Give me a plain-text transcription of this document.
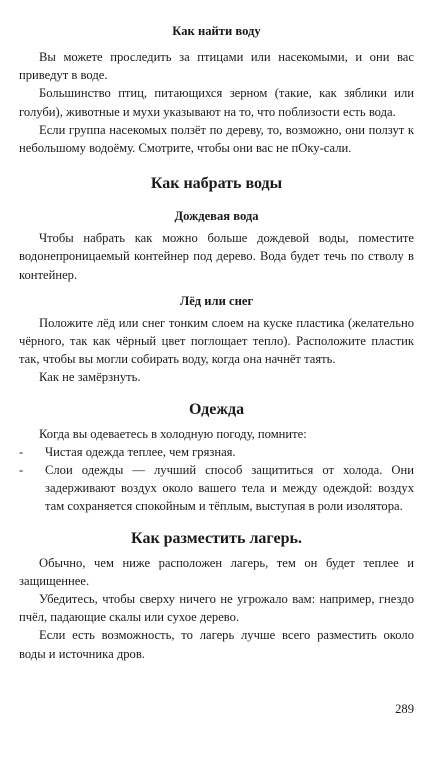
Как найти воду

Вы можете проследить за птицами или насекомыми, и они вас приведут в воде.

Большинство птиц, питающихся зерном (такие, как зяблики или голуби), животные и мухи указывают на то, что поблизости есть вода.

Если группа насекомых ползёт по дереву, то, возможно, они ползут к небольшому водоёму. Смотрите, чтобы они вас не пОку-сали.

Как набрать воды
Дождевая вода

Чтобы набрать как можно больше дождевой воды, поместите водонепроницаемый контейнер под дерево. Вода будет течь по стволу в контейнер.

Лёд или снег

Положите лёд или снег тонким слоем на куске пластика (желательно чёрного, так как чёрный цвет поглощает тепло). Расположите пластик так, чтобы вы могли собирать воду, когда она начнёт таять.

Как не замёрзнуть.

Одежда

Когда вы одеваетесь в холодную погоду, помните:

- Чистая одежда теплее, чем грязная.
- Слои одежды — лучший способ защититься от холода. Они задерживают воздух около вашего тела и между одеждой: воздух там сохраняется спокойным и тёплым, выступая в роли изолятора.
Как разместить лагерь.

Обычно, чем ниже расположен лагерь, тем он будет теплее и защищеннее.

Убедитесь, чтобы сверху ничего не угрожало вам: например, гнездо пчёл, падающие скалы или сухое дерево.

Если есть возможность, то лагерь лучше всего разместить около воды и источника дров.

289
